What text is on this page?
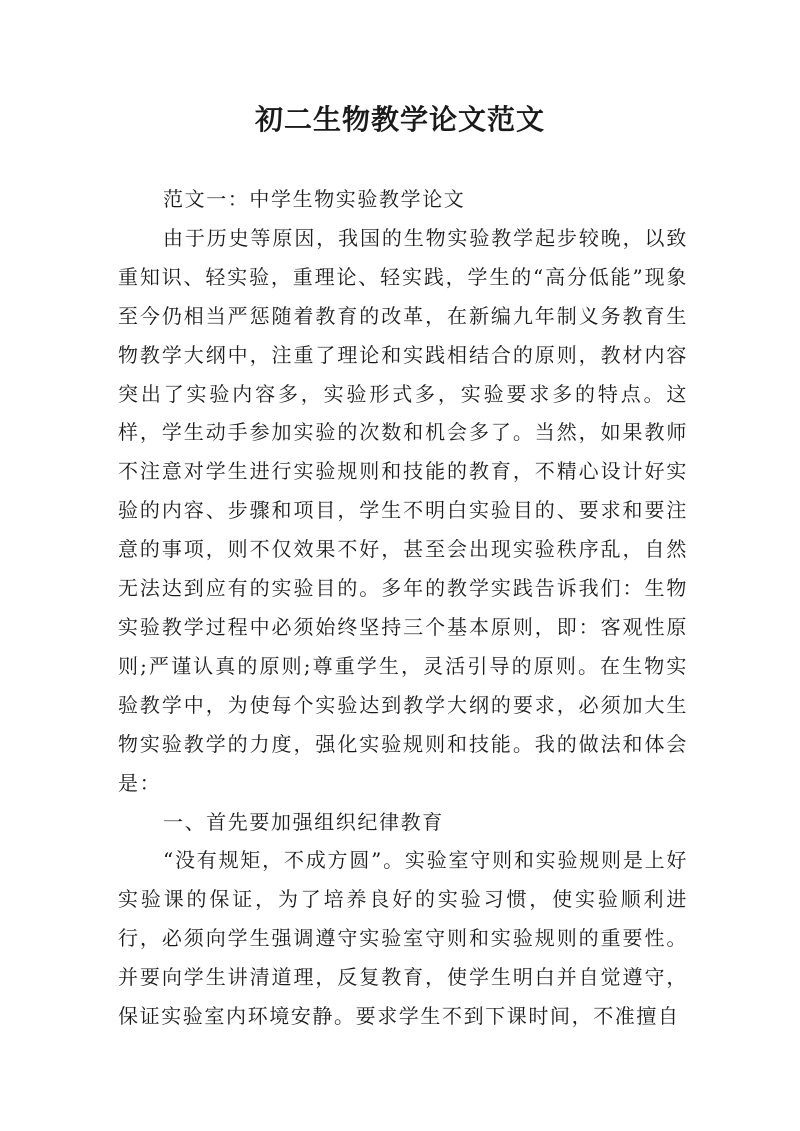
初二生物教学论文范文

范文一：中学生物实验教学论文

由于历史等原因，我国的生物实验教学起步较晚，以致重知识、轻实验，重理论、轻实践，学生的“高分低能”现象至今仍相当严惩随着教育的改革，在新编九年制义务教育生物教学大纲中，注重了理论和实践相结合的原则，教材内容突出了实验内容多，实验形式多，实验要求多的特点。这样，学生动手参加实验的次数和机会多了。当然，如果教师不注意对学生进行实验规则和技能的教育，不精心设计好实验的内容、步骤和项目，学生不明白实验目的、要求和要注意的事项，则不仅效果不好，甚至会出现实验秩序乱，自然无法达到应有的实验目的。多年的教学实践告诉我们：生物实验教学过程中必须始终坚持三个基本原则，即：客观性原则;严谨认真的原则;尊重学生，灵活引导的原则。在生物实验教学中，为使每个实验达到教学大纲的要求，必须加大生物实验教学的力度，强化实验规则和技能。我的做法和体会是：

一、首先要加强组织纪律教育

“没有规矩，不成方圆”。实验室守则和实验规则是上好实验课的保证，为了培养良好的实验习惯，使实验顺利进行，必须向学生强调遵守实验室守则和实验规则的重要性。并要向学生讲清道理，反复教育，使学生明白并自觉遵守，保证实验室内环境安静。要求学生不到下课时间，不准擅自
